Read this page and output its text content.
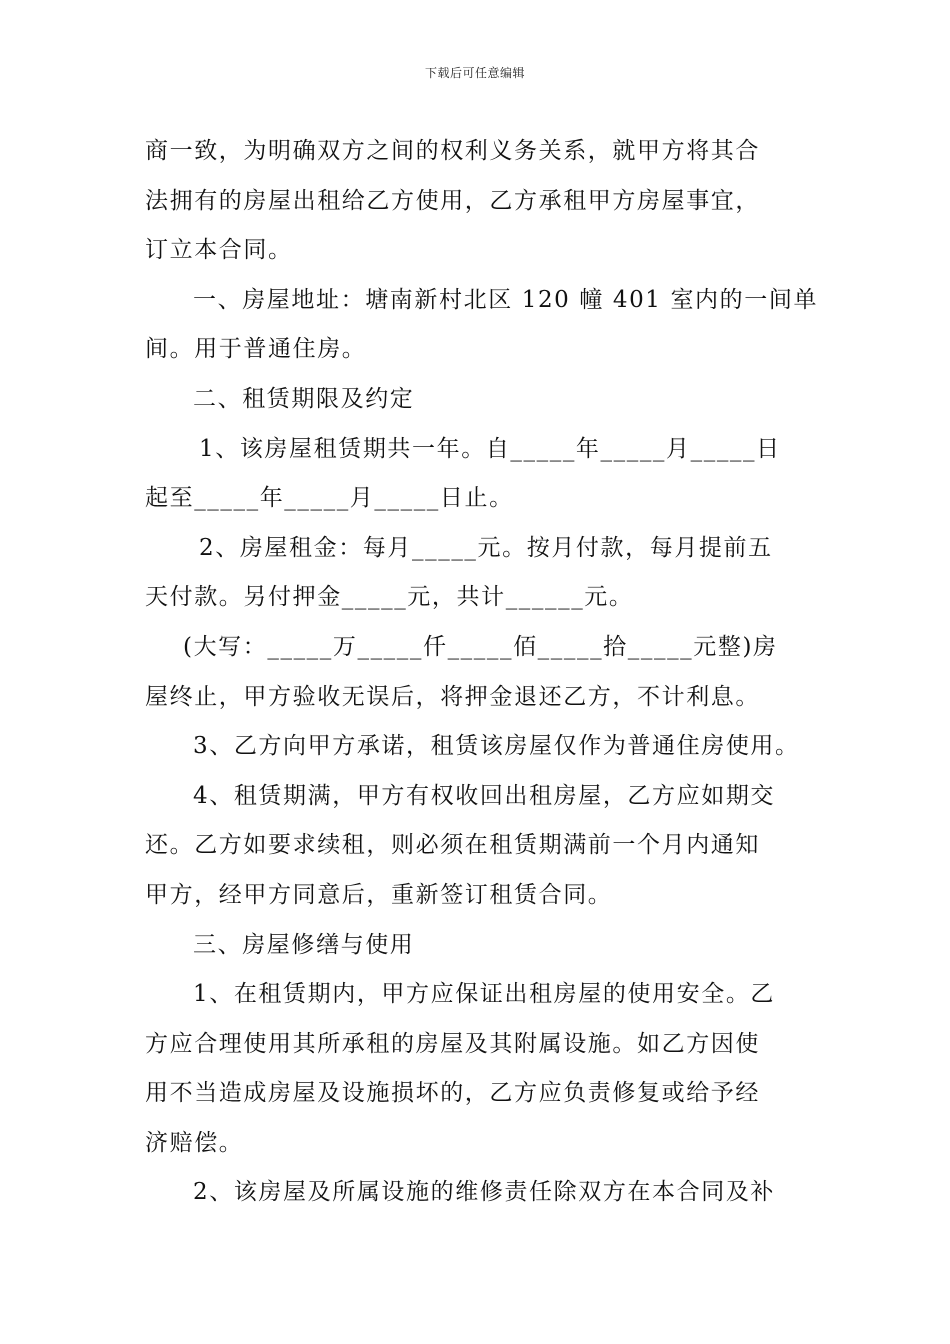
下载后可任意编辑
商一致，为明确双方之间的权利义务关系，就甲方将其合
法拥有的房屋出租给乙方使用，乙方承租甲方房屋事宜，
订立本合同。
一、房屋地址：塘南新村北区 120 幢 401 室内的一间单
间。用于普通住房。
二、租赁期限及约定
1、该房屋租赁期共一年。自_____年_____月_____日
起至_____年_____月_____日止。
2、房屋租金：每月_____元。按月付款，每月提前五
天付款。另付押金_____元，共计______元。
(大写：_____万_____仟_____佰_____拾_____元整)房
屋终止，甲方验收无误后，将押金退还乙方，不计利息。
3、乙方向甲方承诺，租赁该房屋仅作为普通住房使用。
4、租赁期满，甲方有权收回出租房屋，乙方应如期交
还。乙方如要求续租，则必须在租赁期满前一个月内通知
甲方，经甲方同意后，重新签订租赁合同。
三、房屋修缮与使用
1、在租赁期内，甲方应保证出租房屋的使用安全。乙
方应合理使用其所承租的房屋及其附属设施。如乙方因使
用不当造成房屋及设施损坏的，乙方应负责修复或给予经
济赔偿。
2、该房屋及所属设施的维修责任除双方在本合同及补
